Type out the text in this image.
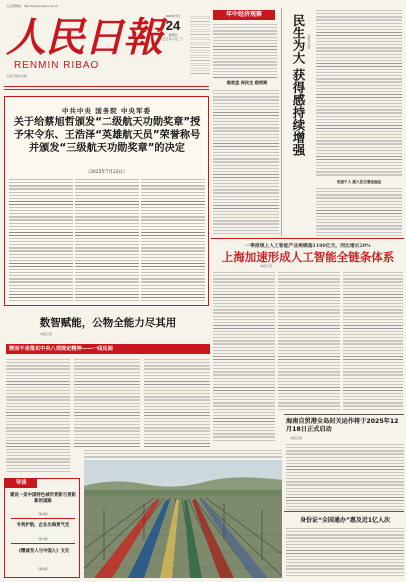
人民网网址：http://www.people.com.cn
人民日報
RENMIN RIBAO
人民日报社出版
2025年7月
24
星期四
乙巳年六月三十
年中经济观察
稳底盘 保民生 稳预期	民生为大 获得感持续增强 本报评论员
党建千人 跟大民生增进福祉
中共中央 国务院 中央军委
关于给蔡旭哲颁发“二级航天功勋奖章”授予宋令东、王浩泽“英雄航天员”荣誉称号并颁发“三级航天功勋奖章”的决定
（2025年7月23日）
数智赋能，公物全能力尽其用
本报记者
锲而不舍落实中央八项规定精神——一线见闻
导读
建设一条中国特色城市更新与更新新的道路
（第4版）
专利护航，企业出海更气定
（第7版）
《精诚至人与中国人》文化
（第8版）
一季度规上人工智能产业规模超1180亿元，同比增长29%
上海加速形成人工智能全链条体系
本报记者
海南自贸港全岛封关运作将于2025年12月18日正式启动
本报记者
身份证“全国通办”惠及近1亿人次
